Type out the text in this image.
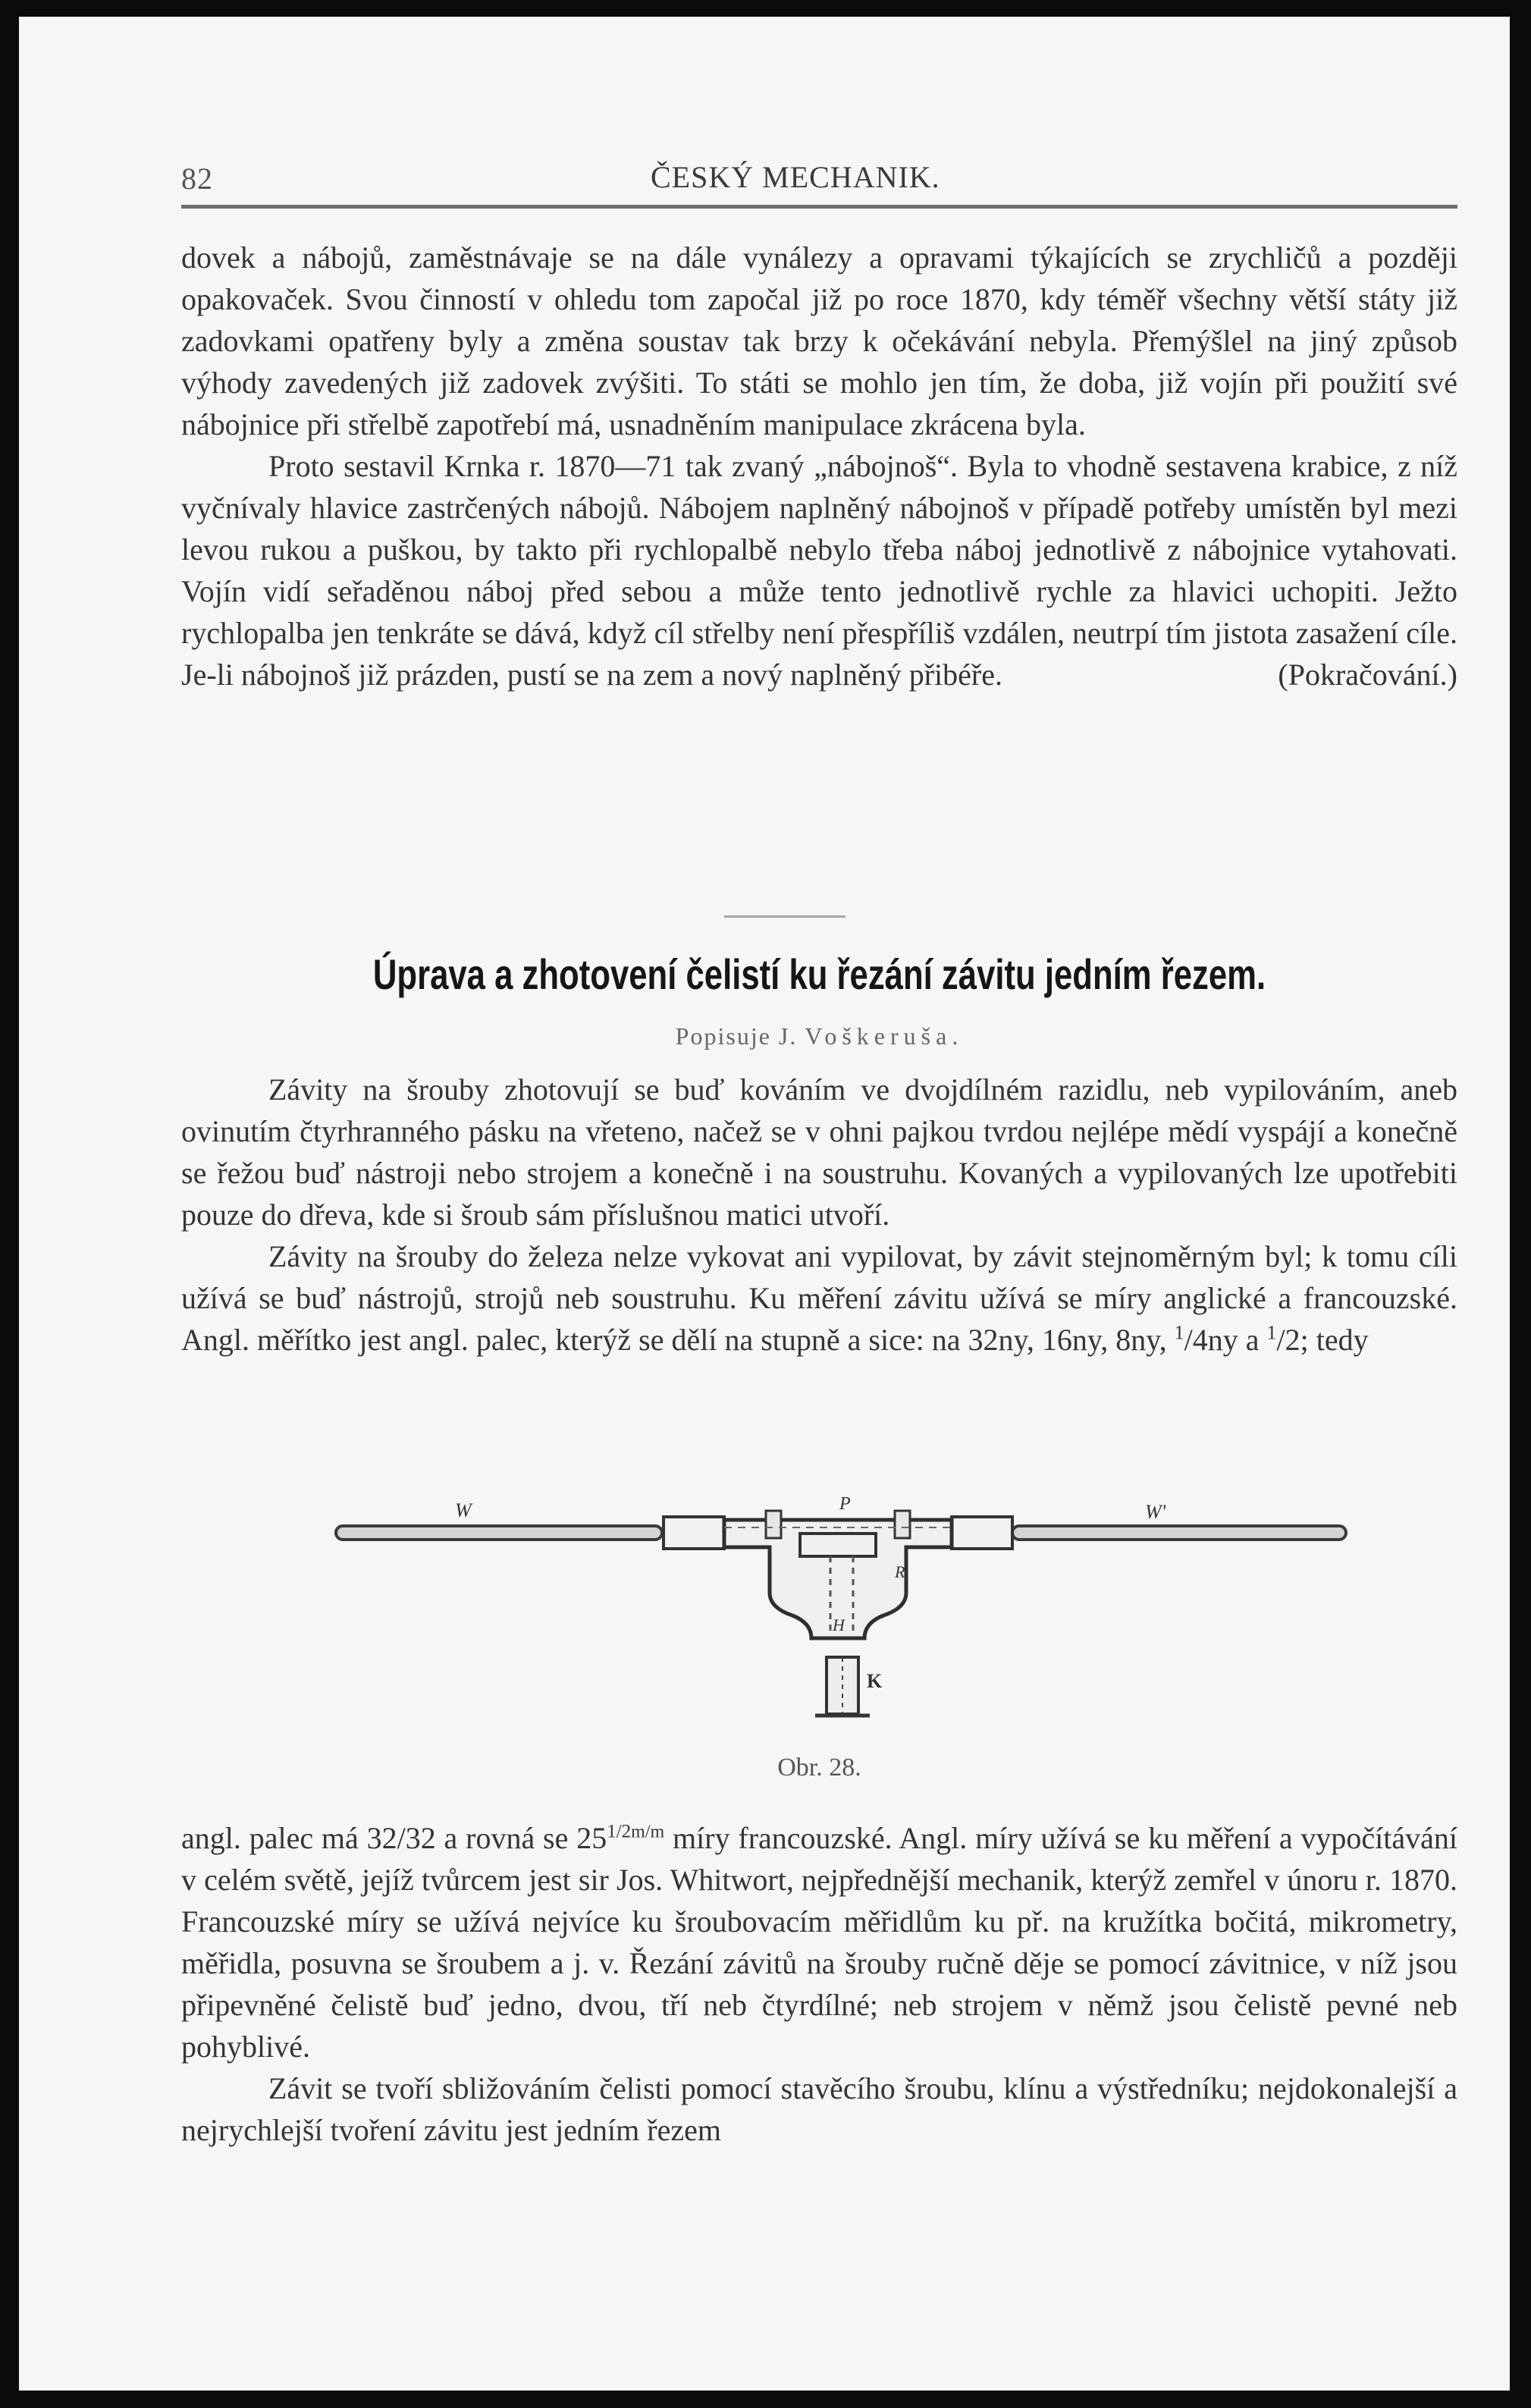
82	ČESKÝ MECHANIK.

dovek a nábojů, zaměstnávaje se na dále vynálezy a opravami týkajících se zrychličů a později opakovaček. Svou činností v ohledu tom započal již po roce 1870, kdy téměř všechny větší státy již zadovkami opatřeny byly a změna soustav tak brzy k očekávání nebyla. Přemýšlel na jiný způsob výhody zavedených již zadovek zvýšiti. To státi se mohlo jen tím, že doba, již vojín při použití své nábojnice při střelbě zapotřebí má, usnadněním manipulace zkrácena byla.

Proto sestavil Krnka r. 1870—71 tak zvaný „nábojnoš“. Byla to vhodně sestavena krabice, z níž vyčnívaly hlavice zastrčených nábojů. Nábojem naplněný nábojnoš v případě potřeby umístěn byl mezi levou rukou a puškou, by takto při rychlopalbě nebylo třeba náboj jednotlivě z nábojnice vytahovati. Vojín vidí seřaděnou náboj před sebou a může tento jednotlivě rychle za hlavici uchopiti. Ježto rychlopalba jen tenkráte se dává, když cíl střelby není přespříliš vzdálen, neutrpí tím jistota zasažení cíle. Je-li nábojnoš již prázden, pustí se na zem a nový naplněný přibéře.	(Pokračování.)

Úprava a zhotovení čelistí ku řezání závitu jedním řezem.
Popisuje J. Voškeruša.

Závity na šrouby zhotovují se buď kováním ve dvojdílném razidlu, neb vypilováním, aneb ovinutím čtyrhranného pásku na vřeteno, načež se v ohni pajkou tvrdou nejlépe mědí vyspájí a konečně se řežou buď nástroji nebo strojem a konečně i na soustruhu. Kovaných a vypilovaných lze upotřebiti pouze do dřeva, kde si šroub sám příslušnou matici utvoří.

Závity na šrouby do železa nelze vykovat ani vypilovat, by závit stejnoměrným byl; k tomu cíli užívá se buď nástrojů, strojů neb soustruhu. Ku měření závitu užívá se míry anglické a francouzské. Angl. měřítko jest angl. palec, kterýž se dělí na stupně a sice: na 32ny, 16ny, 8ny, $^1$/4ny a $^1$/2; tedy

W	W'
P
R
H
K
Obr. 28.

angl. palec má 32/32 a rovná se $25^{1/2m/m}$ míry francouzské. Angl. míry užívá se ku měření a vypočítávání v celém světě, jejíž tvůrcem jest sir Jos. Whitwort, nejpřednější mechanik, kterýž zemřel v únoru r. 1870. Francouzské míry se užívá nejvíce ku šroubovacím měřidlům ku př. na kružítka bočitá, mikrometry, měřidla, posuvna se šroubem a j. v. Řezání závitů na šrouby ručně děje se pomocí závitnice, v níž jsou připevněné čelistě buď jedno, dvou, tří neb čtyrdílné; neb strojem v němž jsou čelistě pevné neb pohyblivé.

Závit se tvoří sbližováním čelisti pomocí stavěcího šroubu, klínu a výstředníku; nejdokonalejší a nejrychlejší tvoření závitu jest jedním řezem
